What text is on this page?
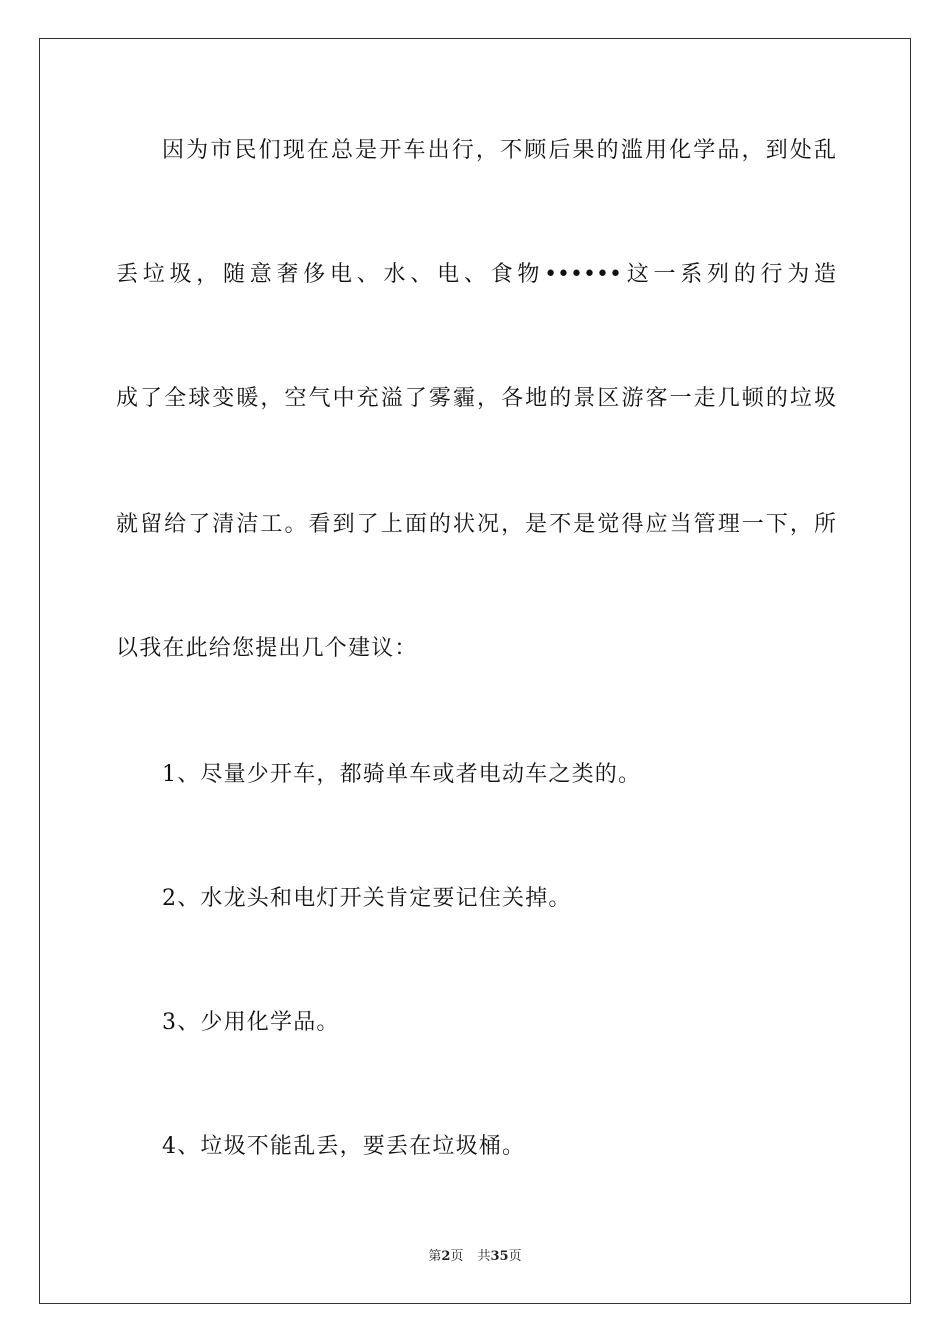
因为市民们现在总是开车出行，不顾后果的滥用化学品，到处乱
丢垃圾，随意奢侈电、水、电、食物••••••这一系列的行为造
成了全球变暖，空气中充溢了雾霾，各地的景区游客一走几顿的垃圾
就留给了清洁工。看到了上面的状况，是不是觉得应当管理一下，所
以我在此给您提出几个建议：
1、尽量少开车，都骑单车或者电动车之类的。
2、水龙头和电灯开关肯定要记住关掉。
3、少用化学品。
4、垃圾不能乱丢，要丢在垃圾桶。
第2页 共35页
